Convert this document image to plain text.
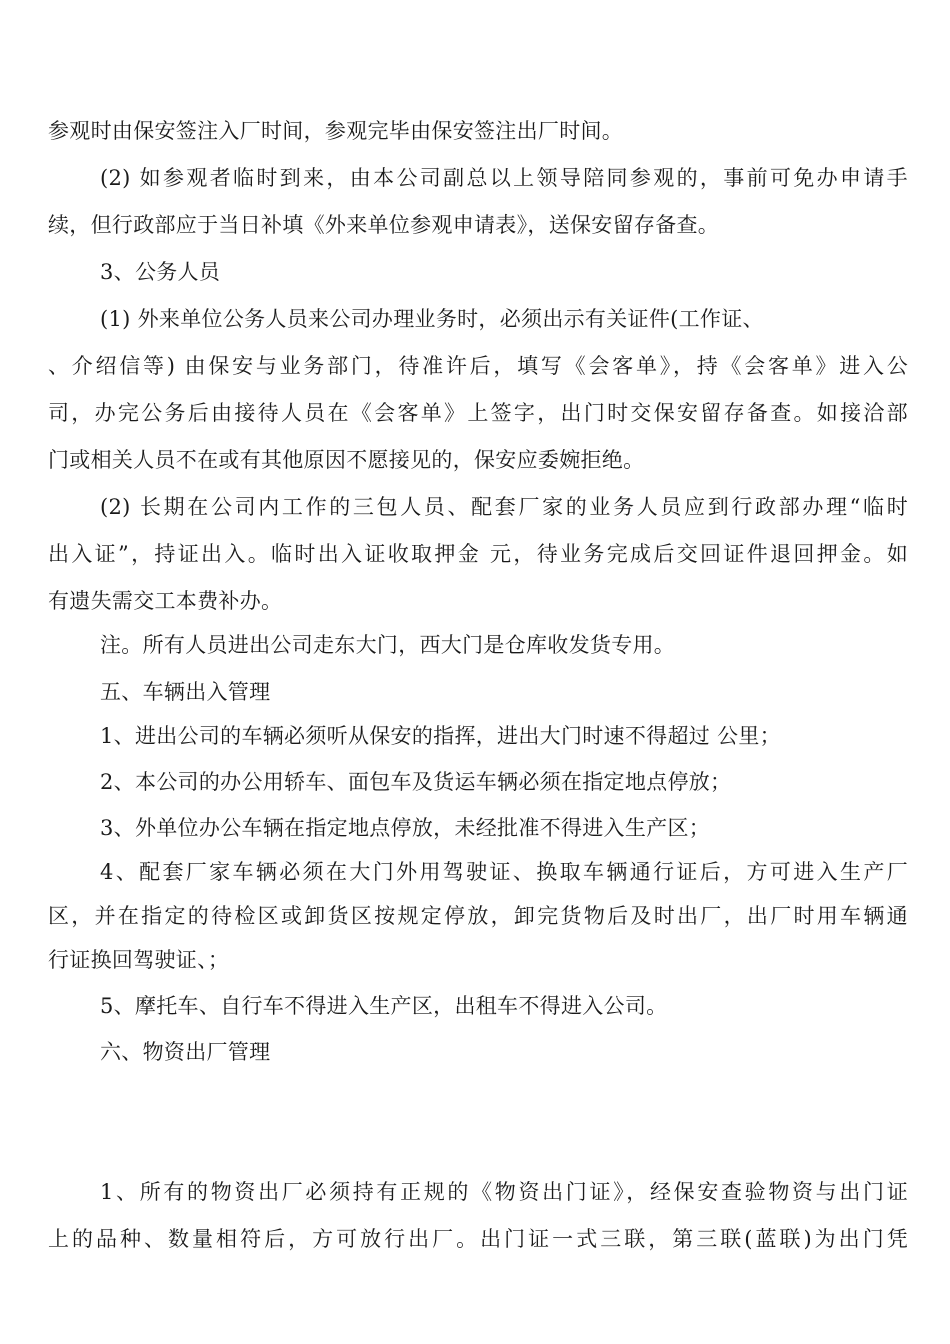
参观时由保安签注入厂时间，参观完毕由保安签注出厂时间。
(2) 如参观者临时到来，由本公司副总以上领导陪同参观的，事前可免办申请手
续，但行政部应于当日补填《外来单位参观申请表》，送保安留存备查。
3、公务人员
(1) 外来单位公务人员来公司办理业务时，必须出示有关证件(工作证、
、介绍信等) 由保安与业务部门，待准许后，填写《会客单》，持《会客单》进入公
司，办完公务后由接待人员在《会客单》上签字，出门时交保安留存备查。如接洽部
门或相关人员不在或有其他原因不愿接见的，保安应委婉拒绝。
(2) 长期在公司内工作的三包人员、配套厂家的业务人员应到行政部办理“临时
出入证”，持证出入。临时出入证收取押金 元，待业务完成后交回证件退回押金。如
有遗失需交工本费补办。
注。所有人员进出公司走东大门，西大门是仓库收发货专用。
五、车辆出入管理
1、进出公司的车辆必须听从保安的指挥，进出大门时速不得超过 公里；
2、本公司的办公用轿车、面包车及货运车辆必须在指定地点停放；
3、外单位办公车辆在指定地点停放，未经批准不得进入生产区；
4、配套厂家车辆必须在大门外用驾驶证、换取车辆通行证后，方可进入生产厂
区，并在指定的待检区或卸货区按规定停放，卸完货物后及时出厂，出厂时用车辆通
行证换回驾驶证、；
5、摩托车、自行车不得进入生产区，出租车不得进入公司。
六、物资出厂管理
1、所有的物资出厂必须持有正规的《物资出门证》，经保安查验物资与出门证
上的品种、数量相符后，方可放行出厂。出门证一式三联，第三联(蓝联)为出门凭
